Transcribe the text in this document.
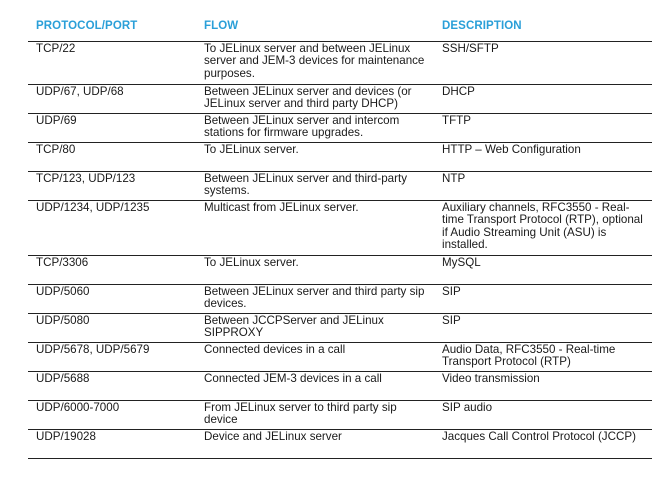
PROTOCOL/PORT	FLOW	DESCRIPTION
TCP/22	To JELinux server and between JELinux server and JEM-3 devices for maintenance purposes.	SSH/SFTP
UDP/67, UDP/68	Between JELinux server and devices (or JELinux server and third party DHCP)	DHCP
UDP/69	Between JELinux server and intercom stations for firmware upgrades.	TFTP
TCP/80	To JELinux server.	HTTP – Web Configuration
TCP/123, UDP/123	Between JELinux server and third-party systems.	NTP
UDP/1234, UDP/1235	Multicast from JELinux server.	Auxiliary channels, RFC3550 - Real-time Transport Protocol (RTP), optional if Audio Streaming Unit (ASU) is installed.
TCP/3306	To JELinux server.	MySQL
UDP/5060	Between JELinux server and third party sip devices.	SIP
UDP/5080	Between JCCPServer and JELinux SIPPROXY	SIP
UDP/5678, UDP/5679	Connected devices in a call	Audio Data, RFC3550 - Real-time Transport Protocol (RTP)
UDP/5688	Connected JEM-3 devices in a call	Video transmission
UDP/6000-7000	From JELinux server to third party sip device	SIP audio
UDP/19028	Device and JELinux server	Jacques Call Control Protocol (JCCP)
